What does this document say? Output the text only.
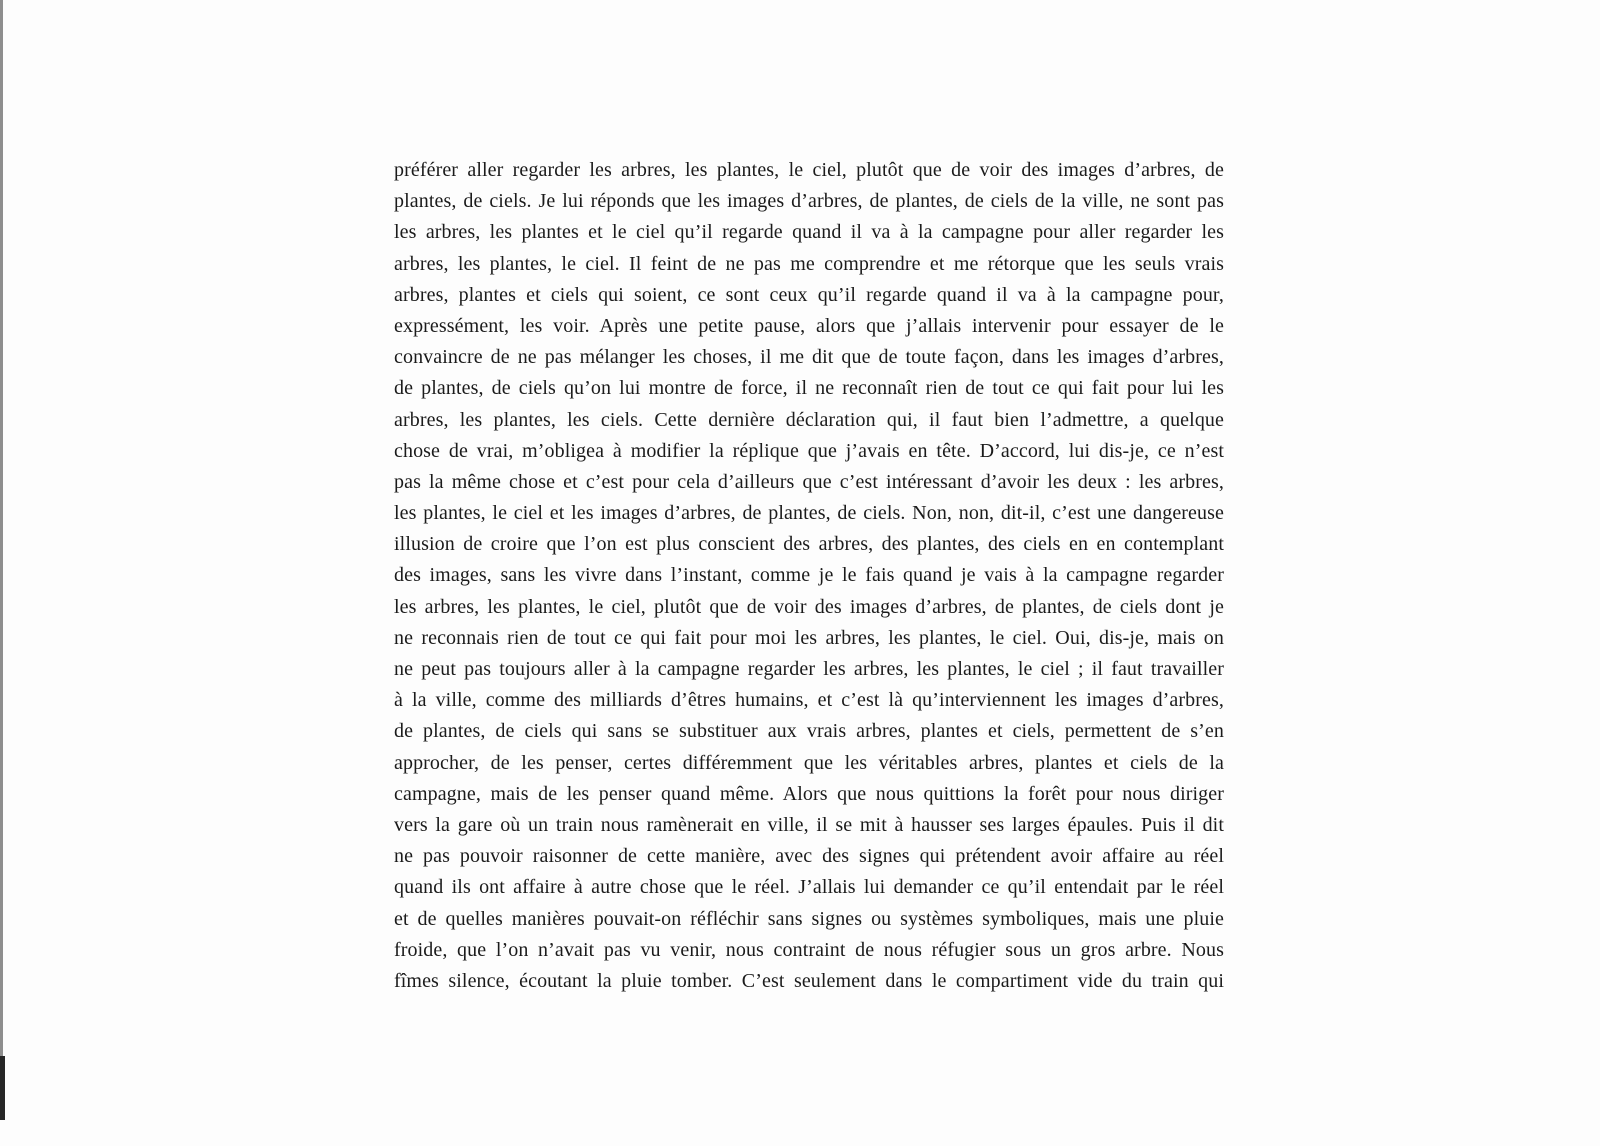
préférer aller regarder les arbres, les plantes, le ciel, plutôt que de voir des images d’arbres, de
plantes, de ciels. Je lui réponds que les images d’arbres, de plantes, de ciels de la ville, ne sont pas
les arbres, les plantes et le ciel qu’il regarde quand il va à la campagne pour aller regarder les
arbres, les plantes, le ciel. Il feint de ne pas me comprendre et me rétorque que les seuls vrais
arbres, plantes et ciels qui soient, ce sont ceux qu’il regarde quand il va à la campagne pour,
expressément, les voir. Après une petite pause, alors que j’allais intervenir pour essayer de le
convaincre de ne pas mélanger les choses, il me dit que de toute façon, dans les images d’arbres,
de plantes, de ciels qu’on lui montre de force, il ne reconnaît rien de tout ce qui fait pour lui les
arbres, les plantes, les ciels. Cette dernière déclaration qui, il faut bien l’admettre, a quelque
chose de vrai, m’obligea à modifier la réplique que j’avais en tête. D’accord, lui dis-je, ce n’est
pas la même chose et c’est pour cela d’ailleurs que c’est intéressant d’avoir les deux : les arbres,
les plantes, le ciel et les images d’arbres, de plantes, de ciels. Non, non, dit-il, c’est une dangereuse
illusion de croire que l’on est plus conscient des arbres, des plantes, des ciels en en contemplant
des images, sans les vivre dans l’instant, comme je le fais quand je vais à la campagne regarder
les arbres, les plantes, le ciel, plutôt que de voir des images d’arbres, de plantes, de ciels dont je
ne reconnais rien de tout ce qui fait pour moi les arbres, les plantes, le ciel. Oui, dis-je, mais on
ne peut pas toujours aller à la campagne regarder les arbres, les plantes, le ciel ; il faut travailler
à la ville, comme des milliards d’êtres humains, et c’est là qu’interviennent les images d’arbres,
de plantes, de ciels qui sans se substituer aux vrais arbres, plantes et ciels, permettent de s’en
approcher, de les penser, certes différemment que les véritables arbres, plantes et ciels de la
campagne, mais de les penser quand même. Alors que nous quittions la forêt pour nous diriger
vers la gare où un train nous ramènerait en ville, il se mit à hausser ses larges épaules. Puis il dit
ne pas pouvoir raisonner de cette manière, avec des signes qui prétendent avoir affaire au réel
quand ils ont affaire à autre chose que le réel. J’allais lui demander ce qu’il entendait par le réel
et de quelles manières pouvait-on réfléchir sans signes ou systèmes symboliques, mais une pluie
froide, que l’on n’avait pas vu venir, nous contraint de nous réfugier sous un gros arbre. Nous
fîmes silence, écoutant la pluie tomber. C’est seulement dans le compartiment vide du train qui
